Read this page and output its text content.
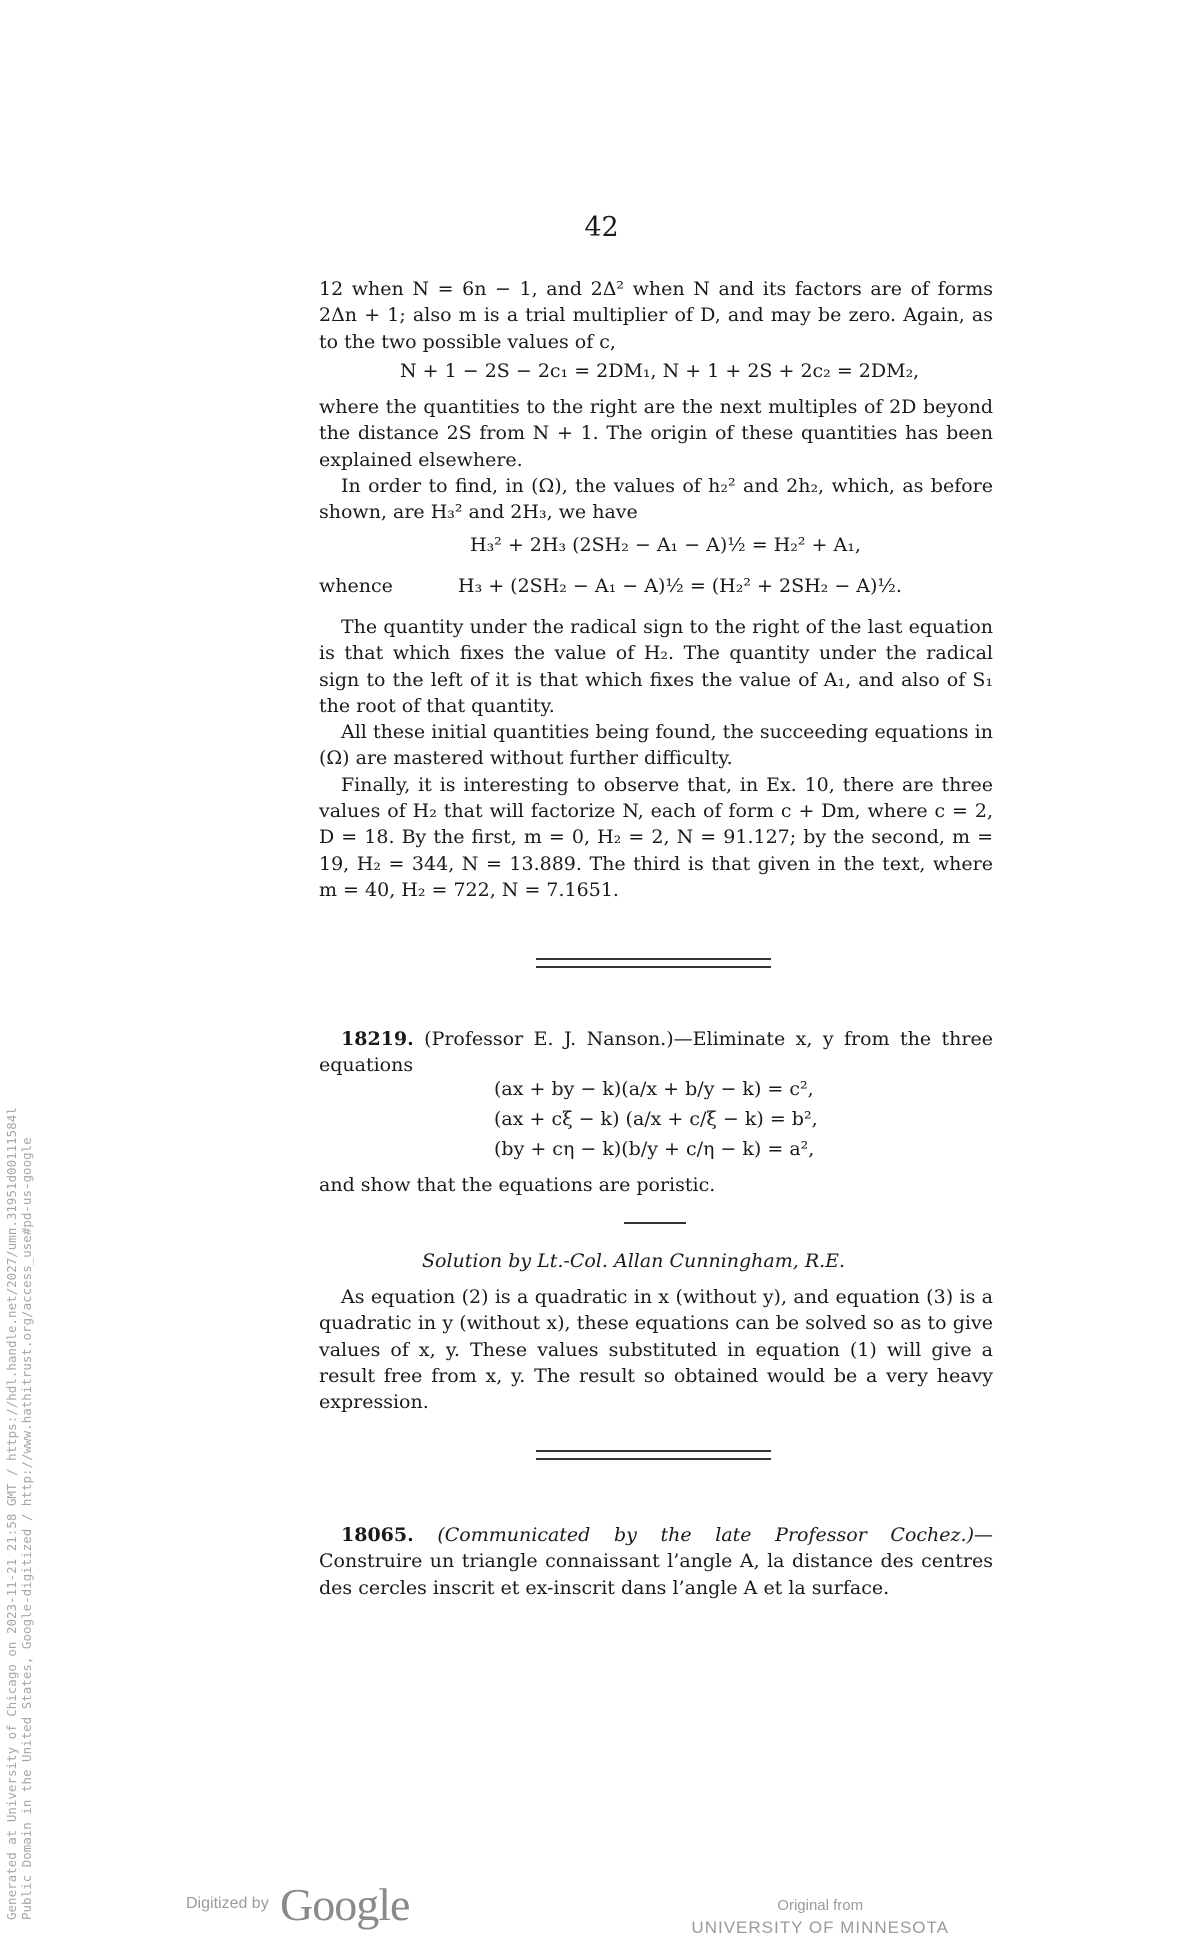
42

12 when N = 6n − 1, and 2Δ² when N and its factors are of forms 2Δn + 1; also m is a trial multiplier of D, and may be zero. Again, as to the two possible values of c,

N + 1 − 2S − 2c₁ = 2DM₁, N + 1 + 2S + 2c₂ = 2DM₂,

where the quantities to the right are the next multiples of 2D beyond the distance 2S from N + 1. The origin of these quantities has been explained elsewhere.

In order to find, in (Ω), the values of h₂² and 2h₂, which, as before shown, are H₃² and 2H₃, we have

H₃² + 2H₃ (2SH₂ − A₁ − A)½ = H₂² + A₁,
whence	H₃ + (2SH₂ − A₁ − A)½ = (H₂² + 2SH₂ − A)½.

The quantity under the radical sign to the right of the last equation is that which fixes the value of H₂. The quantity under the radical sign to the left of it is that which fixes the value of A₁, and also of S₁ the root of that quantity.

All these initial quantities being found, the succeeding equations in (Ω) are mastered without further difficulty.

Finally, it is interesting to observe that, in Ex. 10, there are three values of H₂ that will factorize N, each of form c + Dm, where c = 2, D = 18. By the first, m = 0, H₂ = 2, N = 91.127; by the second, m = 19, H₂ = 344, N = 13.889. The third is that given in the text, where m = 40, H₂ = 722, N = 7.1651.

18219. (Professor E. J. Nanson.)—Eliminate x, y from the three equations

(ax + by − k)(a/x + b/y − k) = c²,
(ax + cξ − k) (a/x + c/ξ − k) = b²,
(by + cη − k)(b/y + c/η − k) = a²,

and show that the equations are poristic.

Solution by Lt.-Col. Allan Cunningham, R.E.

As equation (2) is a quadratic in x (without y), and equation (3) is a quadratic in y (without x), these equations can be solved so as to give values of x, y. These values substituted in equation (1) will give a result free from x, y. The result so obtained would be a very heavy expression.

18065. (Communicated by the late Professor Cochez.)— Construire un triangle connaissant l’angle A, la distance des centres des cercles inscrit et ex-inscrit dans l’angle A et la surface.

Generated at University of Chicago on 2023-11-21 21:58 GMT / https://hdl.handle.net/2027/umn.31951d00111584l Public Domain in the United States, Google-digitized / http://www.hathitrust.org/access_use#pd-us-google	Digitized by Google	Original from
UNIVERSITY OF MINNESOTA
